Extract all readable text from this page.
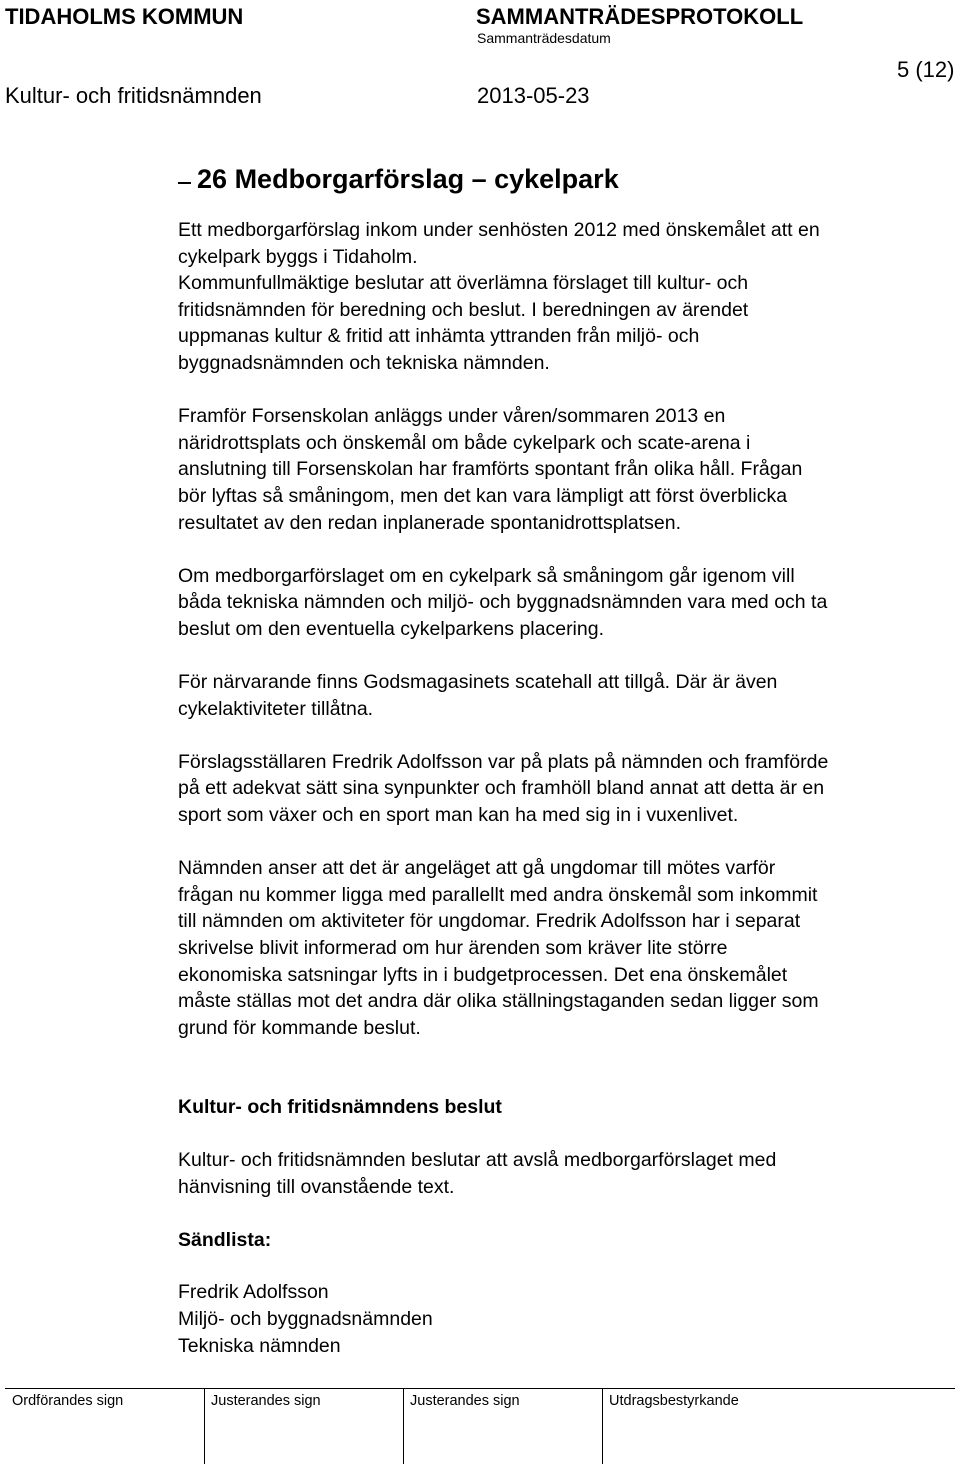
TIDAHOLMS KOMMUN	SAMMANTRÄDESPROTOKOLL
Sammanträdesdatum
5 (12)
Kultur- och fritidsnämnden	2013-05-23
26 Medborgarförslag – cykelpark

Ett medborgarförslag inkom under senhösten 2012 med önskemålet att en
cykelpark byggs i Tidaholm.
Kommunfullmäktige beslutar att överlämna förslaget till kultur- och
fritidsnämnden för beredning och beslut. I beredningen av ärendet
uppmanas kultur & fritid att inhämta yttranden från miljö- och
byggnadsnämnden och tekniska nämnden.

Framför Forsenskolan anläggs under våren/sommaren 2013 en
näridrottsplats och önskemål om både cykelpark och scate-arena i
anslutning till Forsenskolan har framförts spontant från olika håll. Frågan
bör lyftas så småningom, men det kan vara lämpligt att först överblicka
resultatet av den redan inplanerade spontanidrottsplatsen.

Om medborgarförslaget om en cykelpark så småningom går igenom vill
båda tekniska nämnden och miljö- och byggnadsnämnden vara med och ta
beslut om den eventuella cykelparkens placering.

För närvarande finns Godsmagasinets scatehall att tillgå. Där är även
cykelaktiviteter tillåtna.

Förslagsställaren Fredrik Adolfsson var på plats på nämnden och framförde
på ett adekvat sätt sina synpunkter och framhöll bland annat att detta är en
sport som växer och en sport man kan ha med sig in i vuxenlivet.

Nämnden anser att det är angeläget att gå ungdomar till mötes varför
frågan nu kommer ligga med parallellt med andra önskemål som inkommit
till nämnden om aktiviteter för ungdomar. Fredrik Adolfsson har i separat
skrivelse blivit informerad om hur ärenden som kräver lite större
ekonomiska satsningar lyfts in i budgetprocessen. Det ena önskemålet
måste ställas mot det andra där olika ställningstaganden sedan ligger som
grund för kommande beslut.

Kultur- och fritidsnämndens beslut

Kultur- och fritidsnämnden beslutar att avslå medborgarförslaget med
hänvisning till ovanstående text.

Sändlista:

Fredrik Adolfsson
Miljö- och byggnadsnämnden
Tekniska nämnden

Ordförandes sign	Justerandes sign	Justerandes sign	Utdragsbestyrkande
